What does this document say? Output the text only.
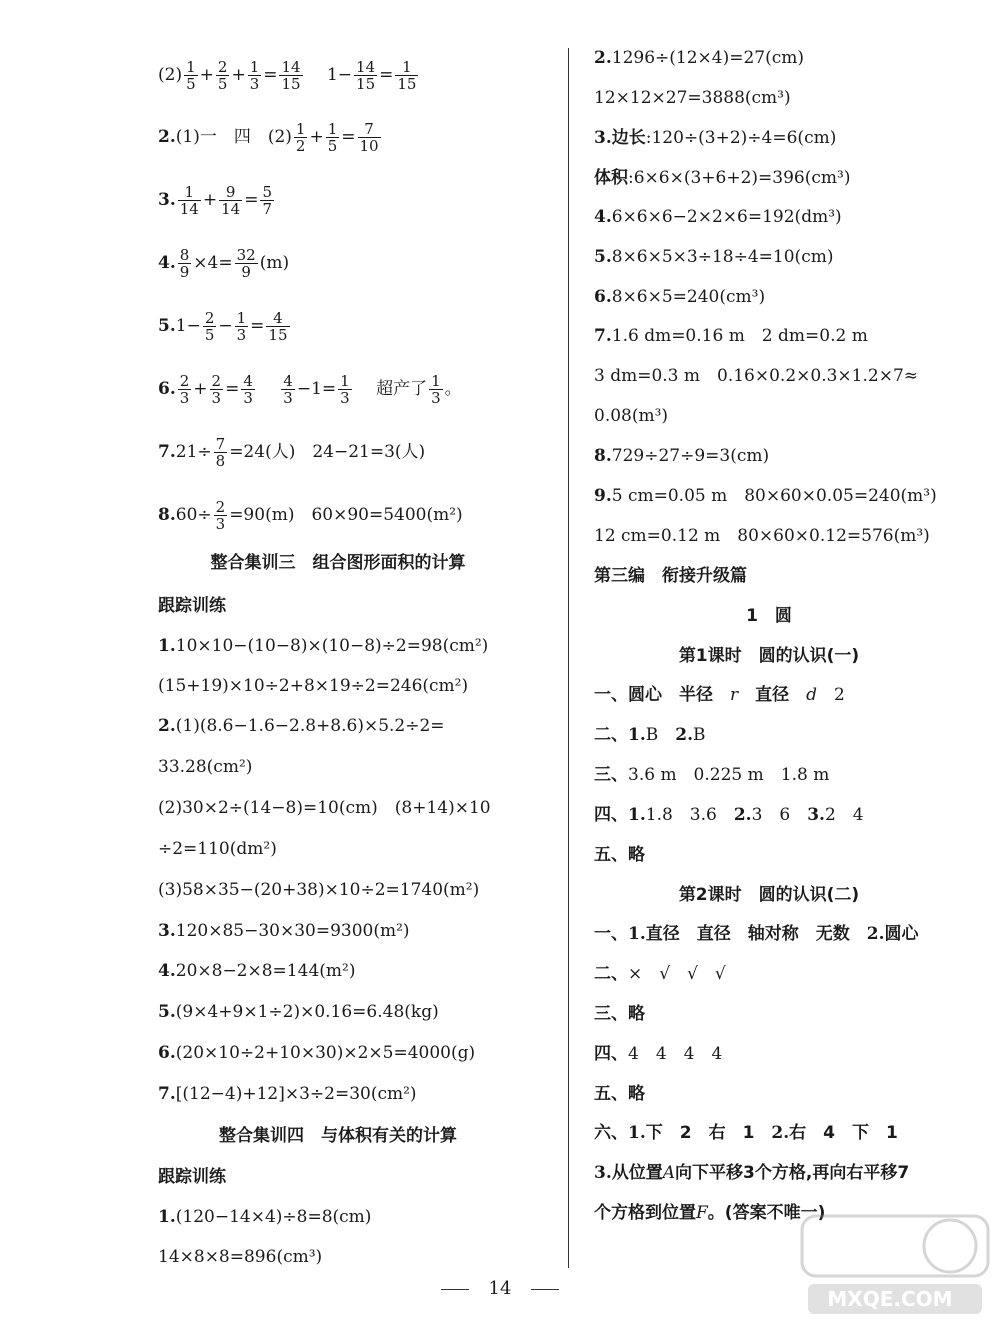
$(2) \frac{1}{5} + \frac{2}{5} + \frac{1}{3} = \frac{14}{15}$
　 $1- \frac{14}{15} = \frac{1}{15}$
2.(1)一　四　$(2) \frac{1}{2} + \frac{1}{5} = \frac{7}{10}$
3. $\frac{1}{14} + \frac{9}{14} = \frac{5}{7}$
4. $\frac{8}{9} \times 4= \frac{32}{9} (m)$
$5.1- \frac{2}{5} - \frac{1}{3} = \frac{4}{15}$
6. $\frac{2}{3} + \frac{2}{3} = \frac{4}{3}$
　 $\frac{4}{3} -1= \frac{1}{3}$
　 超产了 $\frac{1}{3}$ 。
$7.21\div \frac{7}{8} =24$(人)　24−21=3(人)
$8.60\div \frac{2}{3} =90(m)$　60×90=5400(m²)
整合集训三　组合图形面积的计算
跟踪训练
1.10×10−(10−8)×(10−8)÷2=98(cm²)
(15+19)×10÷2+8×19÷2=246(cm²)
2.(1)(8.6−1.6−2.8+8.6)×5.2÷2=
33.28(cm²)
(2)30×2÷(14−8)=10(cm)　(8+14)×10
÷2=110(dm²)
(3)58×35−(20+38)×10÷2=1740(m²)
3.120×85−30×30=9300(m²)
4.20×8−2×8=144(m²)
5.(9×4+9×1÷2)×0.16=6.48(kg)
6.(20×10÷2+10×30)×2×5=4000(g)
7.[(12−4)+12]×3÷2=30(cm²)
整合集训四　与体积有关的计算
跟踪训练
1.(120−14×4)÷8=8(cm)
14×8×8=896(cm³)
2.1296÷(12×4)=27(cm)
12×12×27=3888(cm³)
3.边长:120÷(3+2)÷4=6(cm)
体积:6×6×(3+6+2)=396(cm³)
4.6×6×6−2×2×6=192(dm³)
5.8×6×5×3÷18÷4=10(cm)
6.8×6×5=240(cm³)
7.1.6 dm=0.16 m　2 dm=0.2 m
3 dm=0.3 m　0.16×0.2×0.3×1.2×7≈
0.08(m³)
8.729÷27÷9=3(cm)
9.5 cm=0.05 m　80×60×0.05=240(m³)
12 cm=0.12 m　80×60×0.12=576(m³)
第三编　衔接升级篇
1　圆
第1课时　圆的认识(一)
一、圆心　半径　r　直径　d　2
二、1.B　2.B
三、3.6 m　0.225 m　1.8 m
四、1.1.8　3.6　2.3　6　3.2　4
五、略
第2课时　圆的认识(二)
一、1.直径　直径　轴对称　无数　2.圆心
二、×　√　√　√
三、略
四、4　4　4　4
五、略
六、1.下　2　右　1　2.右　4　下　1
3.从位置A向下平移3个方格,再向右平移7
个方格到位置F。(答案不唯一)
14	MXQE.COM
